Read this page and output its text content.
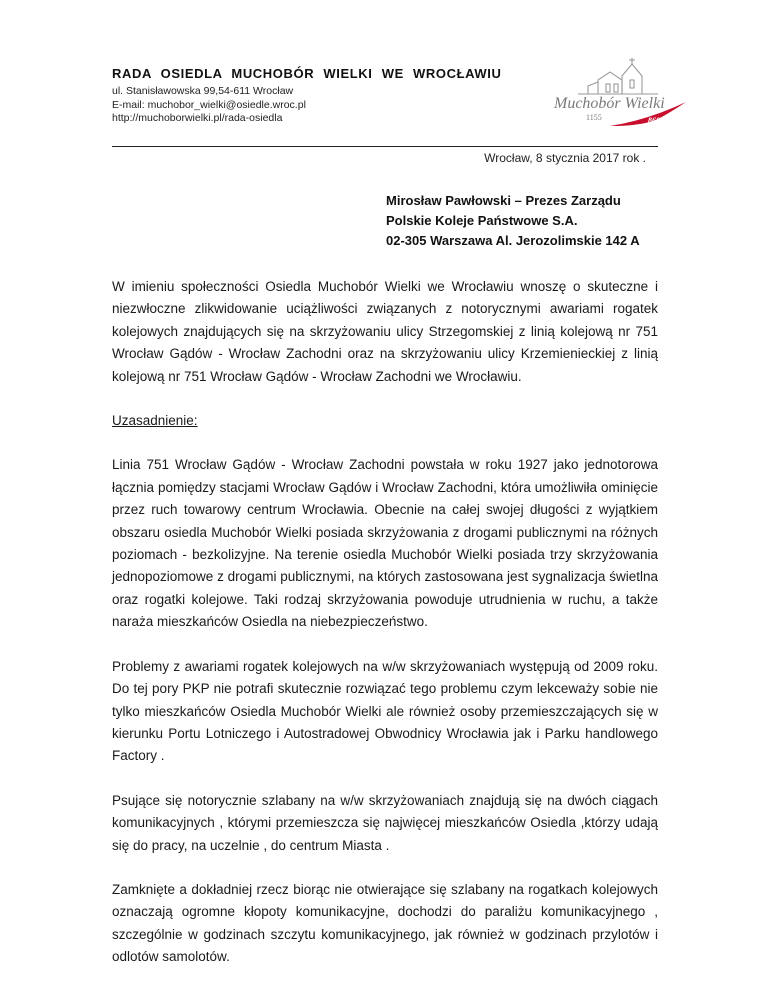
RADA OSIEDLA MUCHOBÓR WIELKI WE WROCŁAWIU
ul. Stanisławowska 99,54-611 Wrocław
E-mail: muchobor_wielki@osiedle.wroc.pl
http://muchoborwielki.pl/rada-osiedla
Muchobór Wielki
1155	860 lat
Wrocław, 8 stycznia 2017 rok .
Mirosław Pawłowski – Prezes Zarządu
Polskie Koleje Państwowe S.A.
02-305 Warszawa Al. Jerozolimskie 142 A

W imieniu społeczności Osiedla Muchobór Wielki we Wrocławiu wnoszę o skuteczne i niezwłoczne zlikwidowanie uciążliwości związanych z notorycznymi awariami rogatek kolejowych znajdujących się na skrzyżowaniu ulicy Strzegomskiej z linią kolejową nr 751 Wrocław Gądów - Wrocław Zachodni oraz na skrzyżowaniu ulicy Krzemienieckiej z linią kolejową nr 751 Wrocław Gądów - Wrocław Zachodni we Wrocławiu.

Uzasadnienie:

Linia 751 Wrocław Gądów - Wrocław Zachodni powstała w roku 1927 jako jednotorowa łącznia pomiędzy stacjami Wrocław Gądów i Wrocław Zachodni, która umożliwiła ominięcie przez ruch towarowy centrum Wrocławia. Obecnie na całej swojej długości z wyjątkiem obszaru osiedla Muchobór Wielki posiada skrzyżowania z drogami publicznymi na różnych poziomach - bezkolizyjne. Na terenie osiedla Muchobór Wielki posiada trzy skrzyżowania jednopoziomowe z drogami publicznymi, na których zastosowana jest sygnalizacja świetlna oraz rogatki kolejowe. Taki rodzaj skrzyżowania powoduje utrudnienia w ruchu, a także naraża mieszkańców Osiedla na niebezpieczeństwo.

Problemy z awariami rogatek kolejowych na w/w skrzyżowaniach występują od 2009 roku. Do tej pory PKP nie potrafi skutecznie rozwiązać tego problemu czym lekceważy sobie nie tylko mieszkańców Osiedla Muchobór Wielki ale również osoby przemieszczających się w kierunku Portu Lotniczego i Autostradowej Obwodnicy Wrocławia jak i Parku handlowego Factory .

Psujące się notorycznie szlabany na w/w skrzyżowaniach znajdują się na dwóch ciągach komunikacyjnych , którymi przemieszcza się najwięcej mieszkańców Osiedla ,którzy udają się do pracy, na uczelnie , do centrum Miasta .

Zamknięte a dokładniej rzecz biorąc nie otwierające się szlabany na rogatkach kolejowych oznaczają ogromne kłopoty komunikacyjne, dochodzi do paraliżu komunikacyjnego , szczególnie w godzinach szczytu komunikacyjnego, jak również w godzinach przylotów i odlotów samolotów.
